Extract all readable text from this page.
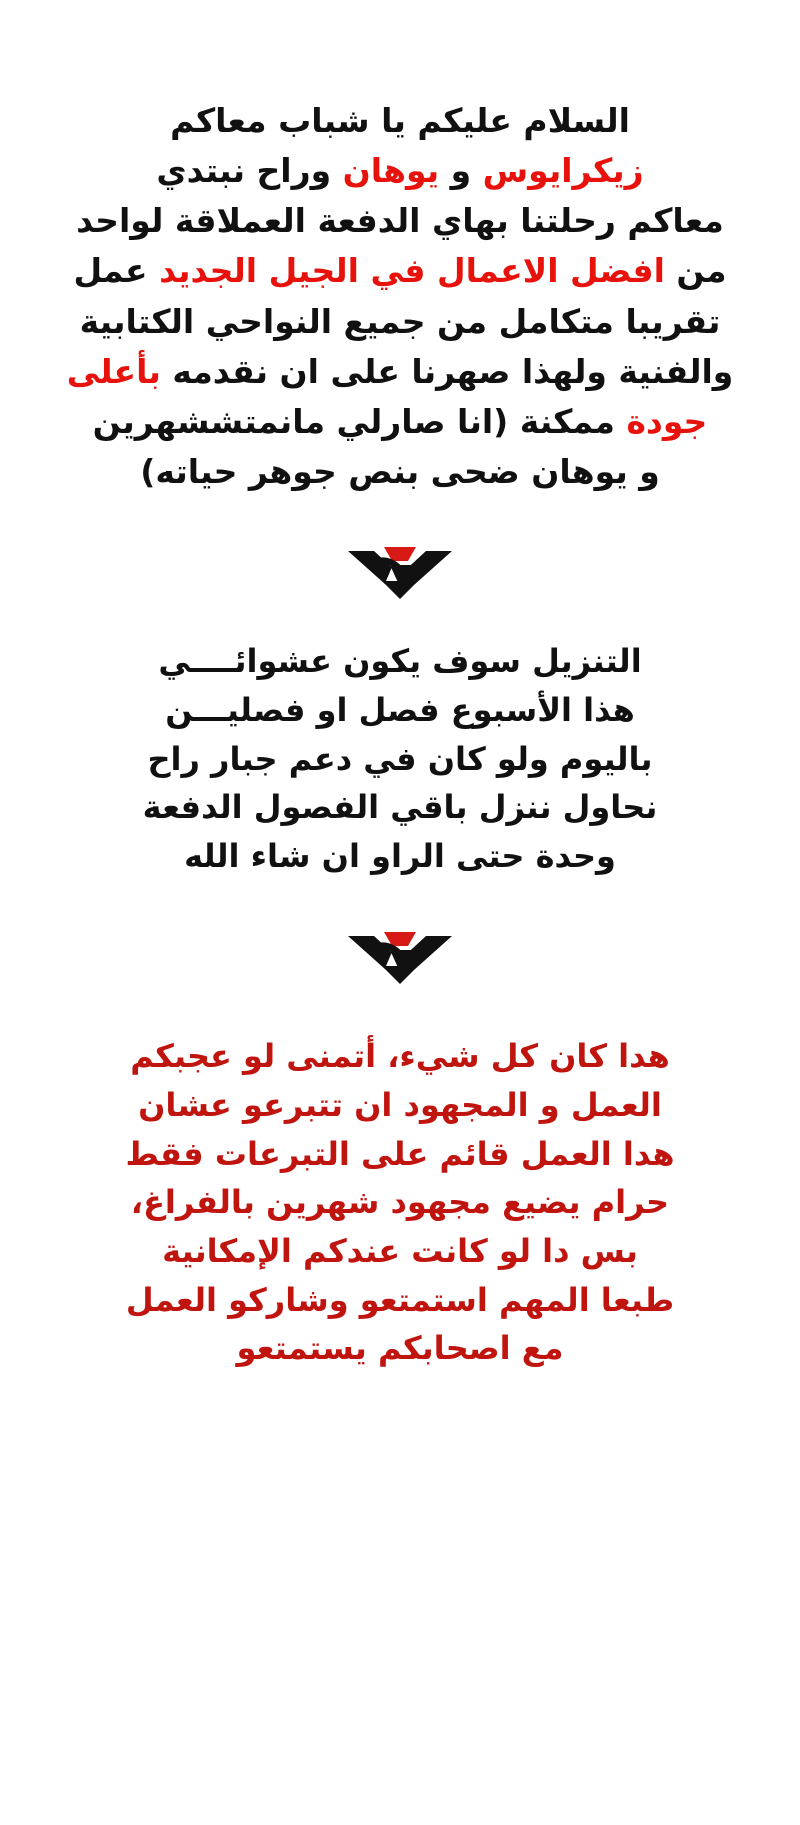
السلام عليكم يا شباب معاكم
زيكرايوس و يوهان وراح نبتدي
معاكم رحلتنا بهاي الدفعة العملاقة لواحد
من افضل الاعمال في الجيل الجديد عمل
تقريبا متكامل من جميع النواحي الكتابية
والفنية ولهذا صهرنا على ان نقدمه بأعلى
جودة ممكنة (انا صارلي مانمتششهرين
و يوهان ضحى بنص جوهر حياته)
التنزيل سوف يكون عشوائــــي
هذا الأسبوع فصل او فصليـــن
باليوم ولو كان في دعم جبار راح
نحاول ننزل باقي الفصول الدفعة
وحدة حتى الراو ان شاء الله
هدا كان كل شيء، أتمنى لو عجبكم
العمل و المجهود ان تتبرعو عشان
هدا العمل قائم على التبرعات فقط
حرام يضيع مجهود شهرين بالفراغ،
بس دا لو كانت عندكم الإمكانية
طبعا المهم استمتعو وشاركو العمل
مع اصحابكم يستمتعو
